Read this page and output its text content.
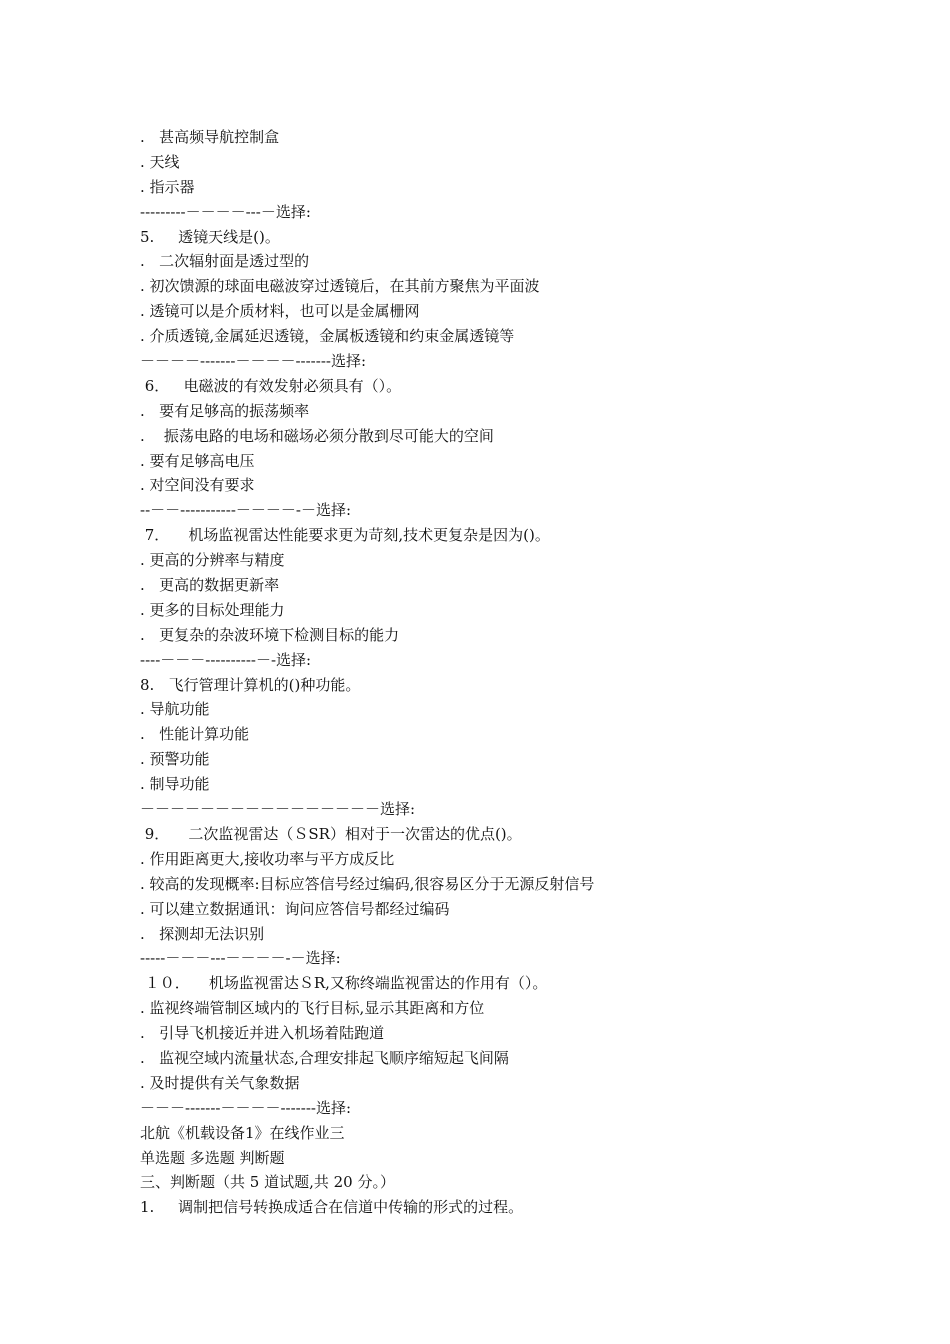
.   甚高频导航控制盒
. 天线
. 指示器
---------－－－－---－选择:
5.     透镜天线是()。
.   二次辐射面是透过型的
. 初次馈源的球面电磁波穿过透镜后，在其前方聚焦为平面波
. 透镜可以是介质材料，也可以是金属栅网
. 介质透镜,金属延迟透镜，金属板透镜和约束金属透镜等
－－－－-------－－－－-------选择:
6．   电磁波的有效发射必须具有（）。
.   要有足够高的振荡频率
.    振荡电路的电场和磁场必须分散到尽可能大的空间
. 要有足够高电压
. 对空间没有要求
--－－-----------－－－－-－选择:
7．    机场监视雷达性能要求更为苛刻,技术更复杂是因为()。
. 更高的分辨率与精度
.   更高的数据更新率
. 更多的目标处理能力
.   更复杂的杂波环境下检测目标的能力
----－－－----------－-选择:
8.   飞行管理计算机的()种功能。
. 导航功能
.   性能计算功能
. 预警功能
. 制导功能
－－－－－－－－－－－－－－－－选择:
9．    二次监视雷达（ＳSR）相对于一次雷达的优点()。
. 作用距离更大,接收功率与平方成反比
. 较高的发现概率:目标应答信号经过编码,很容易区分于无源反射信号
. 可以建立数据通讯：询问应答信号都经过编码
.   探测却无法识别
-----－－－---－－－－-－选择:
１０．    机场监视雷达ＳR,又称终端监视雷达的作用有（）。
. 监视终端管制区域内的飞行目标,显示其距离和方位
.   引导飞机接近并进入机场着陆跑道
.   监视空域内流量状态,合理安排起飞顺序缩短起飞间隔
. 及时提供有关气象数据
－－－-------－－－－-------选择:
北航《机载设备1》在线作业三
单选题 多选题 判断题
三、判断题（共 5 道试题,共 20 分。）
1.     调制把信号转换成适合在信道中传输的形式的过程。
